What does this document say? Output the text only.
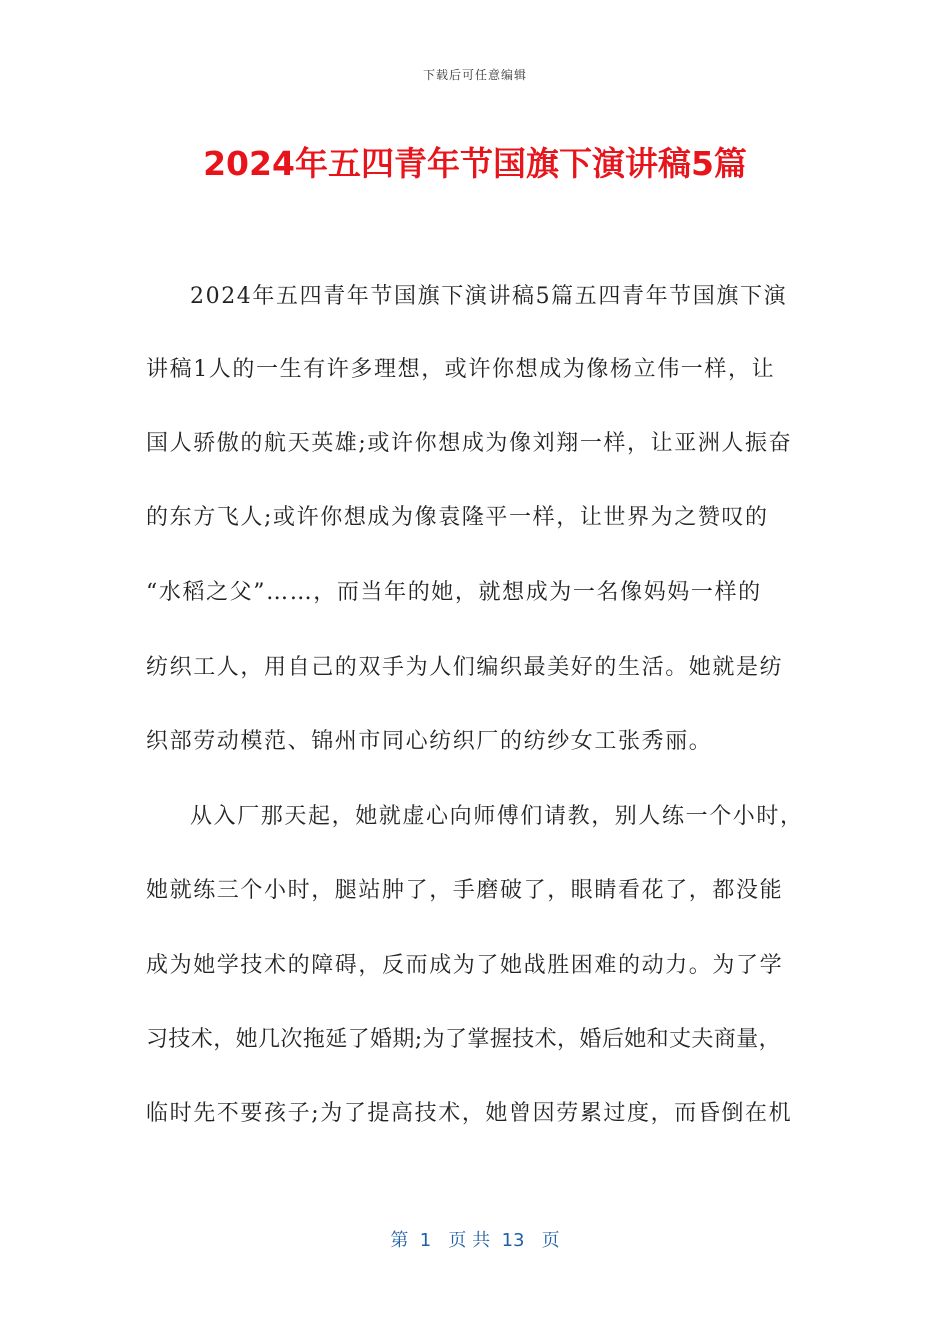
下载后可任意编辑
2024年五四青年节国旗下演讲稿5篇
2024年五四青年节国旗下演讲稿5篇五四青年节国旗下演
讲稿1人的一生有许多理想，或许你想成为像杨立伟一样，让
国人骄傲的航天英雄;或许你想成为像刘翔一样，让亚洲人振奋
的东方飞人;或许你想成为像袁隆平一样，让世界为之赞叹的
“水稻之父”……，而当年的她，就想成为一名像妈妈一样的
纺织工人，用自己的双手为人们编织最美好的生活。她就是纺
织部劳动模范、锦州市同心纺织厂的纺纱女工张秀丽。
从入厂那天起，她就虚心向师傅们请教，别人练一个小时，
她就练三个小时，腿站肿了，手磨破了，眼睛看花了，都没能
成为她学技术的障碍，反而成为了她战胜困难的动力。为了学
习技术，她几次拖延了婚期;为了掌握技术，婚后她和丈夫商量，
临时先不要孩子;为了提高技术，她曾因劳累过度，而昏倒在机
第  1   页 共  13   页
